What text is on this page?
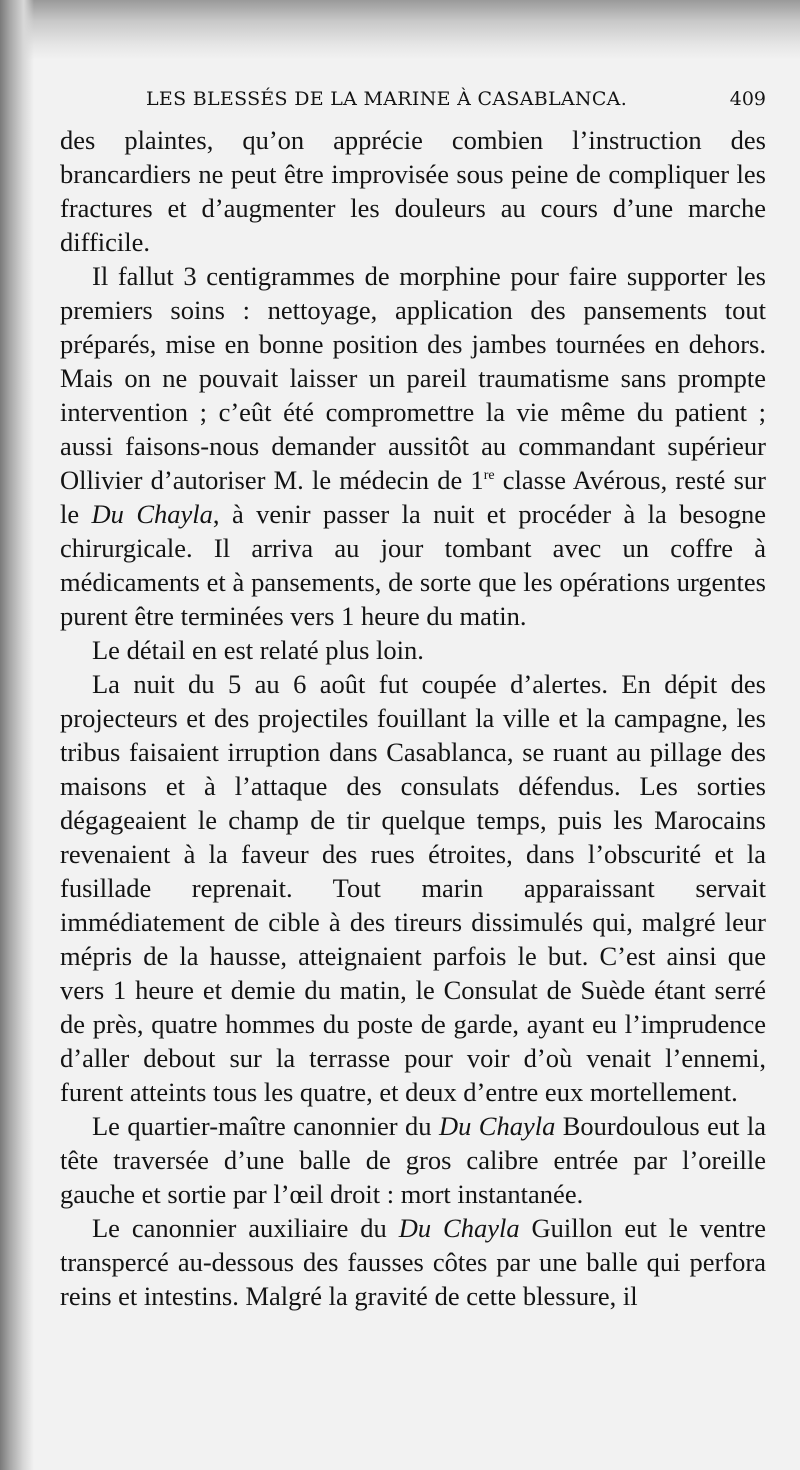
LES BLESSÉS DE LA MARINE À CASABLANCA.	409

des plaintes, qu’on apprécie combien l’instruction des brancardiers ne peut être improvisée sous peine de compliquer les fractures et d’augmenter les douleurs au cours d’une marche difficile.

Il fallut 3 centigrammes de morphine pour faire supporter les premiers soins : nettoyage, application des pansements tout préparés, mise en bonne position des jambes tournées en dehors. Mais on ne pouvait laisser un pareil traumatisme sans prompte intervention ; c’eût été compromettre la vie même du patient ; aussi faisons-nous demander aussitôt au commandant supérieur Ollivier d’autoriser M. le médecin de 1re classe Avérous, resté sur le Du Chayla, à venir passer la nuit et procéder à la besogne chirurgicale. Il arriva au jour tombant avec un coffre à médicaments et à pansements, de sorte que les opérations urgentes purent être terminées vers 1 heure du matin.

Le détail en est relaté plus loin.

La nuit du 5 au 6 août fut coupée d’alertes. En dépit des projecteurs et des projectiles fouillant la ville et la campagne, les tribus faisaient irruption dans Casablanca, se ruant au pillage des maisons et à l’attaque des consulats défendus. Les sorties dégageaient le champ de tir quelque temps, puis les Marocains revenaient à la faveur des rues étroites, dans l’obscurité et la fusillade reprenait. Tout marin apparaissant servait immédiatement de cible à des tireurs dissimulés qui, malgré leur mépris de la hausse, atteignaient parfois le but. C’est ainsi que vers 1 heure et demie du matin, le Consulat de Suède étant serré de près, quatre hommes du poste de garde, ayant eu l’imprudence d’aller debout sur la terrasse pour voir d’où venait l’ennemi, furent atteints tous les quatre, et deux d’entre eux mortellement.

Le quartier-maître canonnier du Du Chayla Bourdoulous eut la tête traversée d’une balle de gros calibre entrée par l’oreille gauche et sortie par l’œil droit : mort instantanée.

Le canonnier auxiliaire du Du Chayla Guillon eut le ventre transpercé au-dessous des fausses côtes par une balle qui perfora reins et intestins. Malgré la gravité de cette blessure, il
